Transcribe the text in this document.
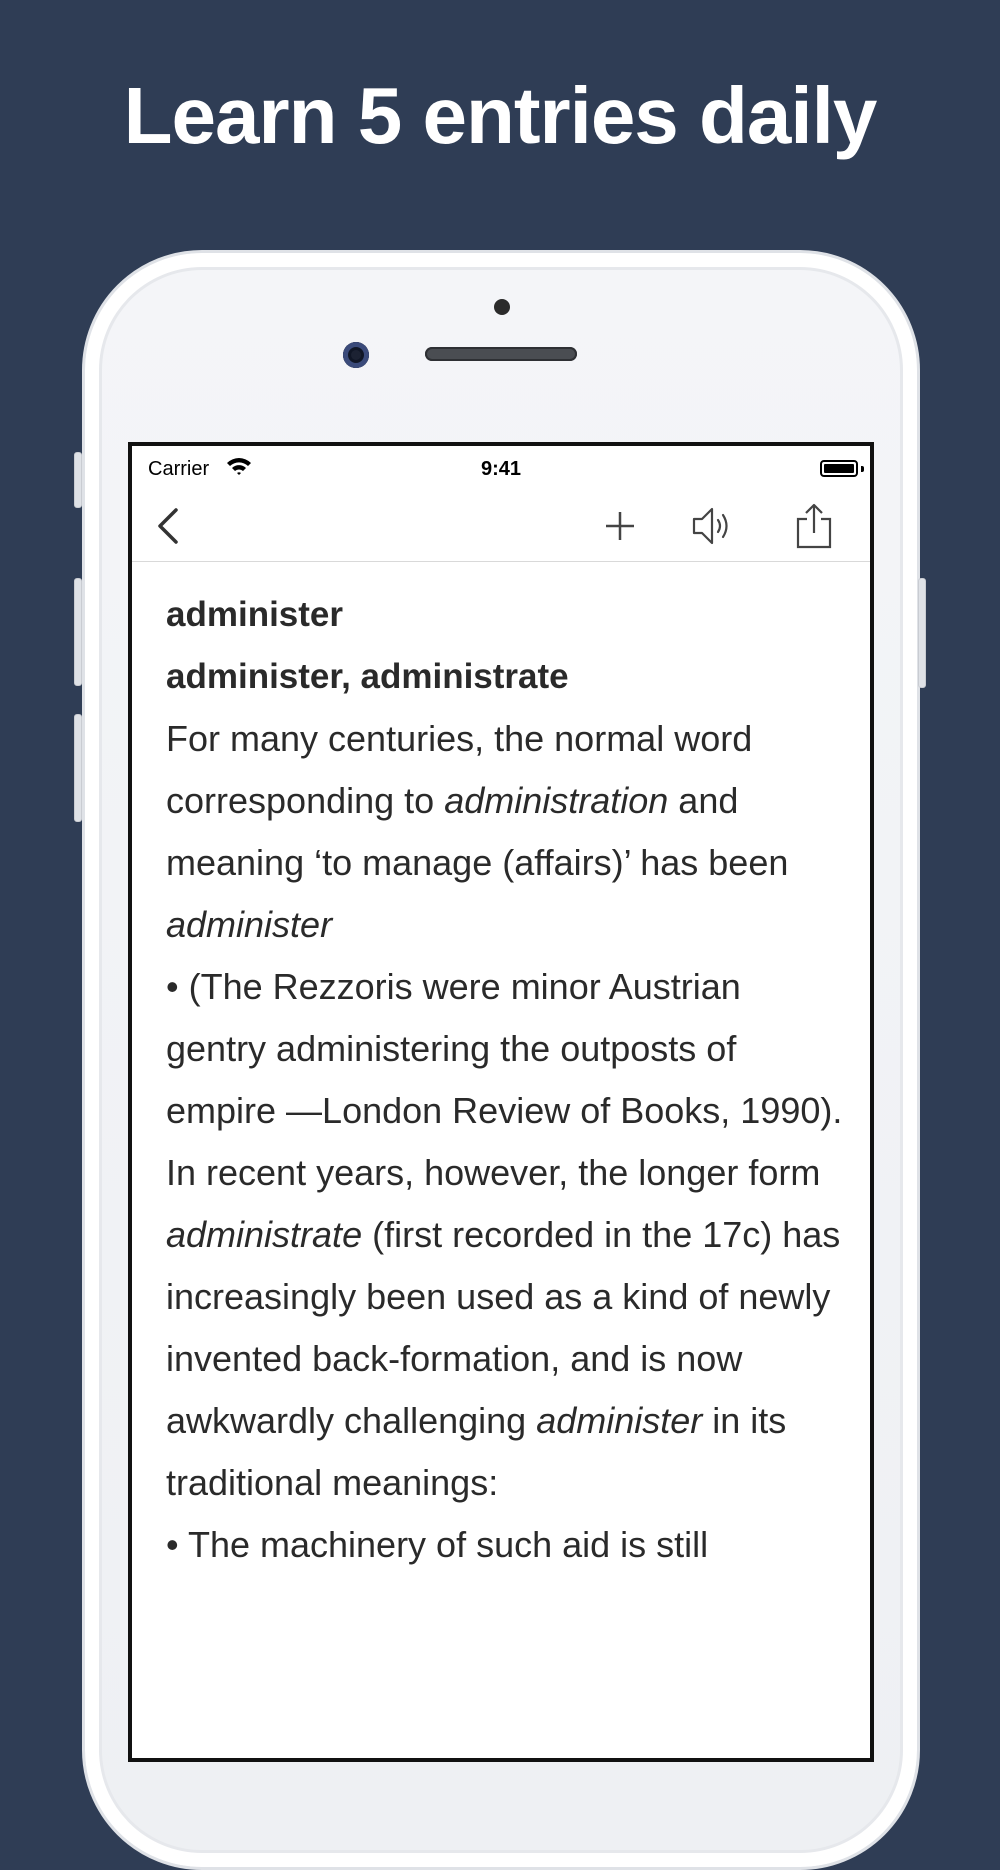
Learn 5 entries daily
Carrier	9:41

administer

administer, administrate

For many centuries, the normal word corresponding to administration and meaning ‘to manage (affairs)’ has been administer

• (The Rezzoris were minor Austrian gentry administering the outposts of empire —London Review of Books, 1990).

In recent years, however, the longer form administrate (first recorded in the 17c) has increasingly been used as a kind of newly invented back-formation, and is now awkwardly challenging administer in its traditional meanings:

• The machinery of such aid is still
